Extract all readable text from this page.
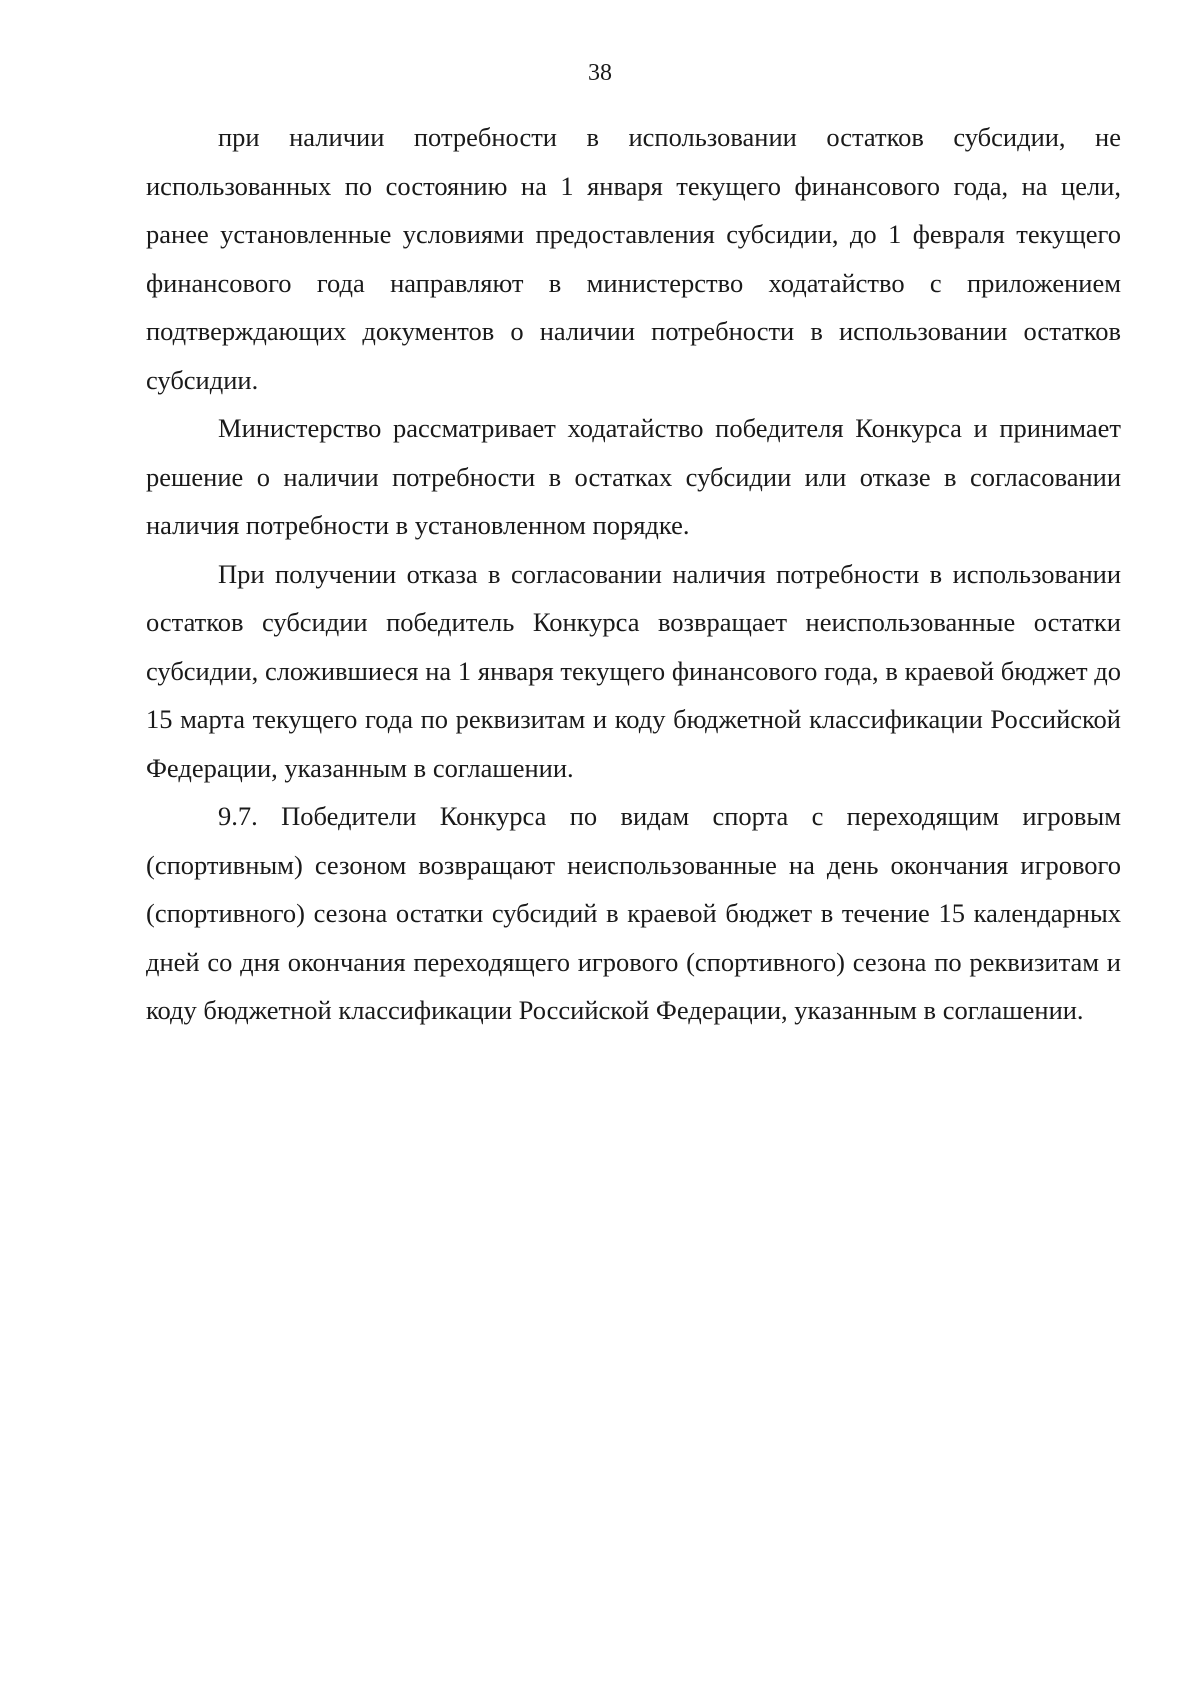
38

при наличии потребности в использовании остатков субсидии, не использованных по состоянию на 1 января текущего финансового года, на цели, ранее установленные условиями предоставления субсидии, до 1 февраля текущего финансового года направляют в министерство ходатайство с приложением подтверждающих документов о наличии потребности в использовании остатков субсидии.

Министерство рассматривает ходатайство победителя Конкурса и принимает решение о наличии потребности в остатках субсидии или отказе в согласовании наличия потребности в установленном порядке.

При получении отказа в согласовании наличия потребности в использовании остатков субсидии победитель Конкурса возвращает неиспользованные остатки субсидии, сложившиеся на 1 января текущего финансового года, в краевой бюджет до 15 марта текущего года по реквизитам и коду бюджетной классификации Российской Федерации, указанным в соглашении.

9.7. Победители Конкурса по видам спорта с переходящим игровым (спортивным) сезоном возвращают неиспользованные на день окончания игрового (спортивного) сезона остатки субсидий в краевой бюджет в течение 15 календарных дней со дня окончания переходящего игрового (спортивного) сезона по реквизитам и коду бюджетной классификации Российской Федерации, указанным в соглашении.
